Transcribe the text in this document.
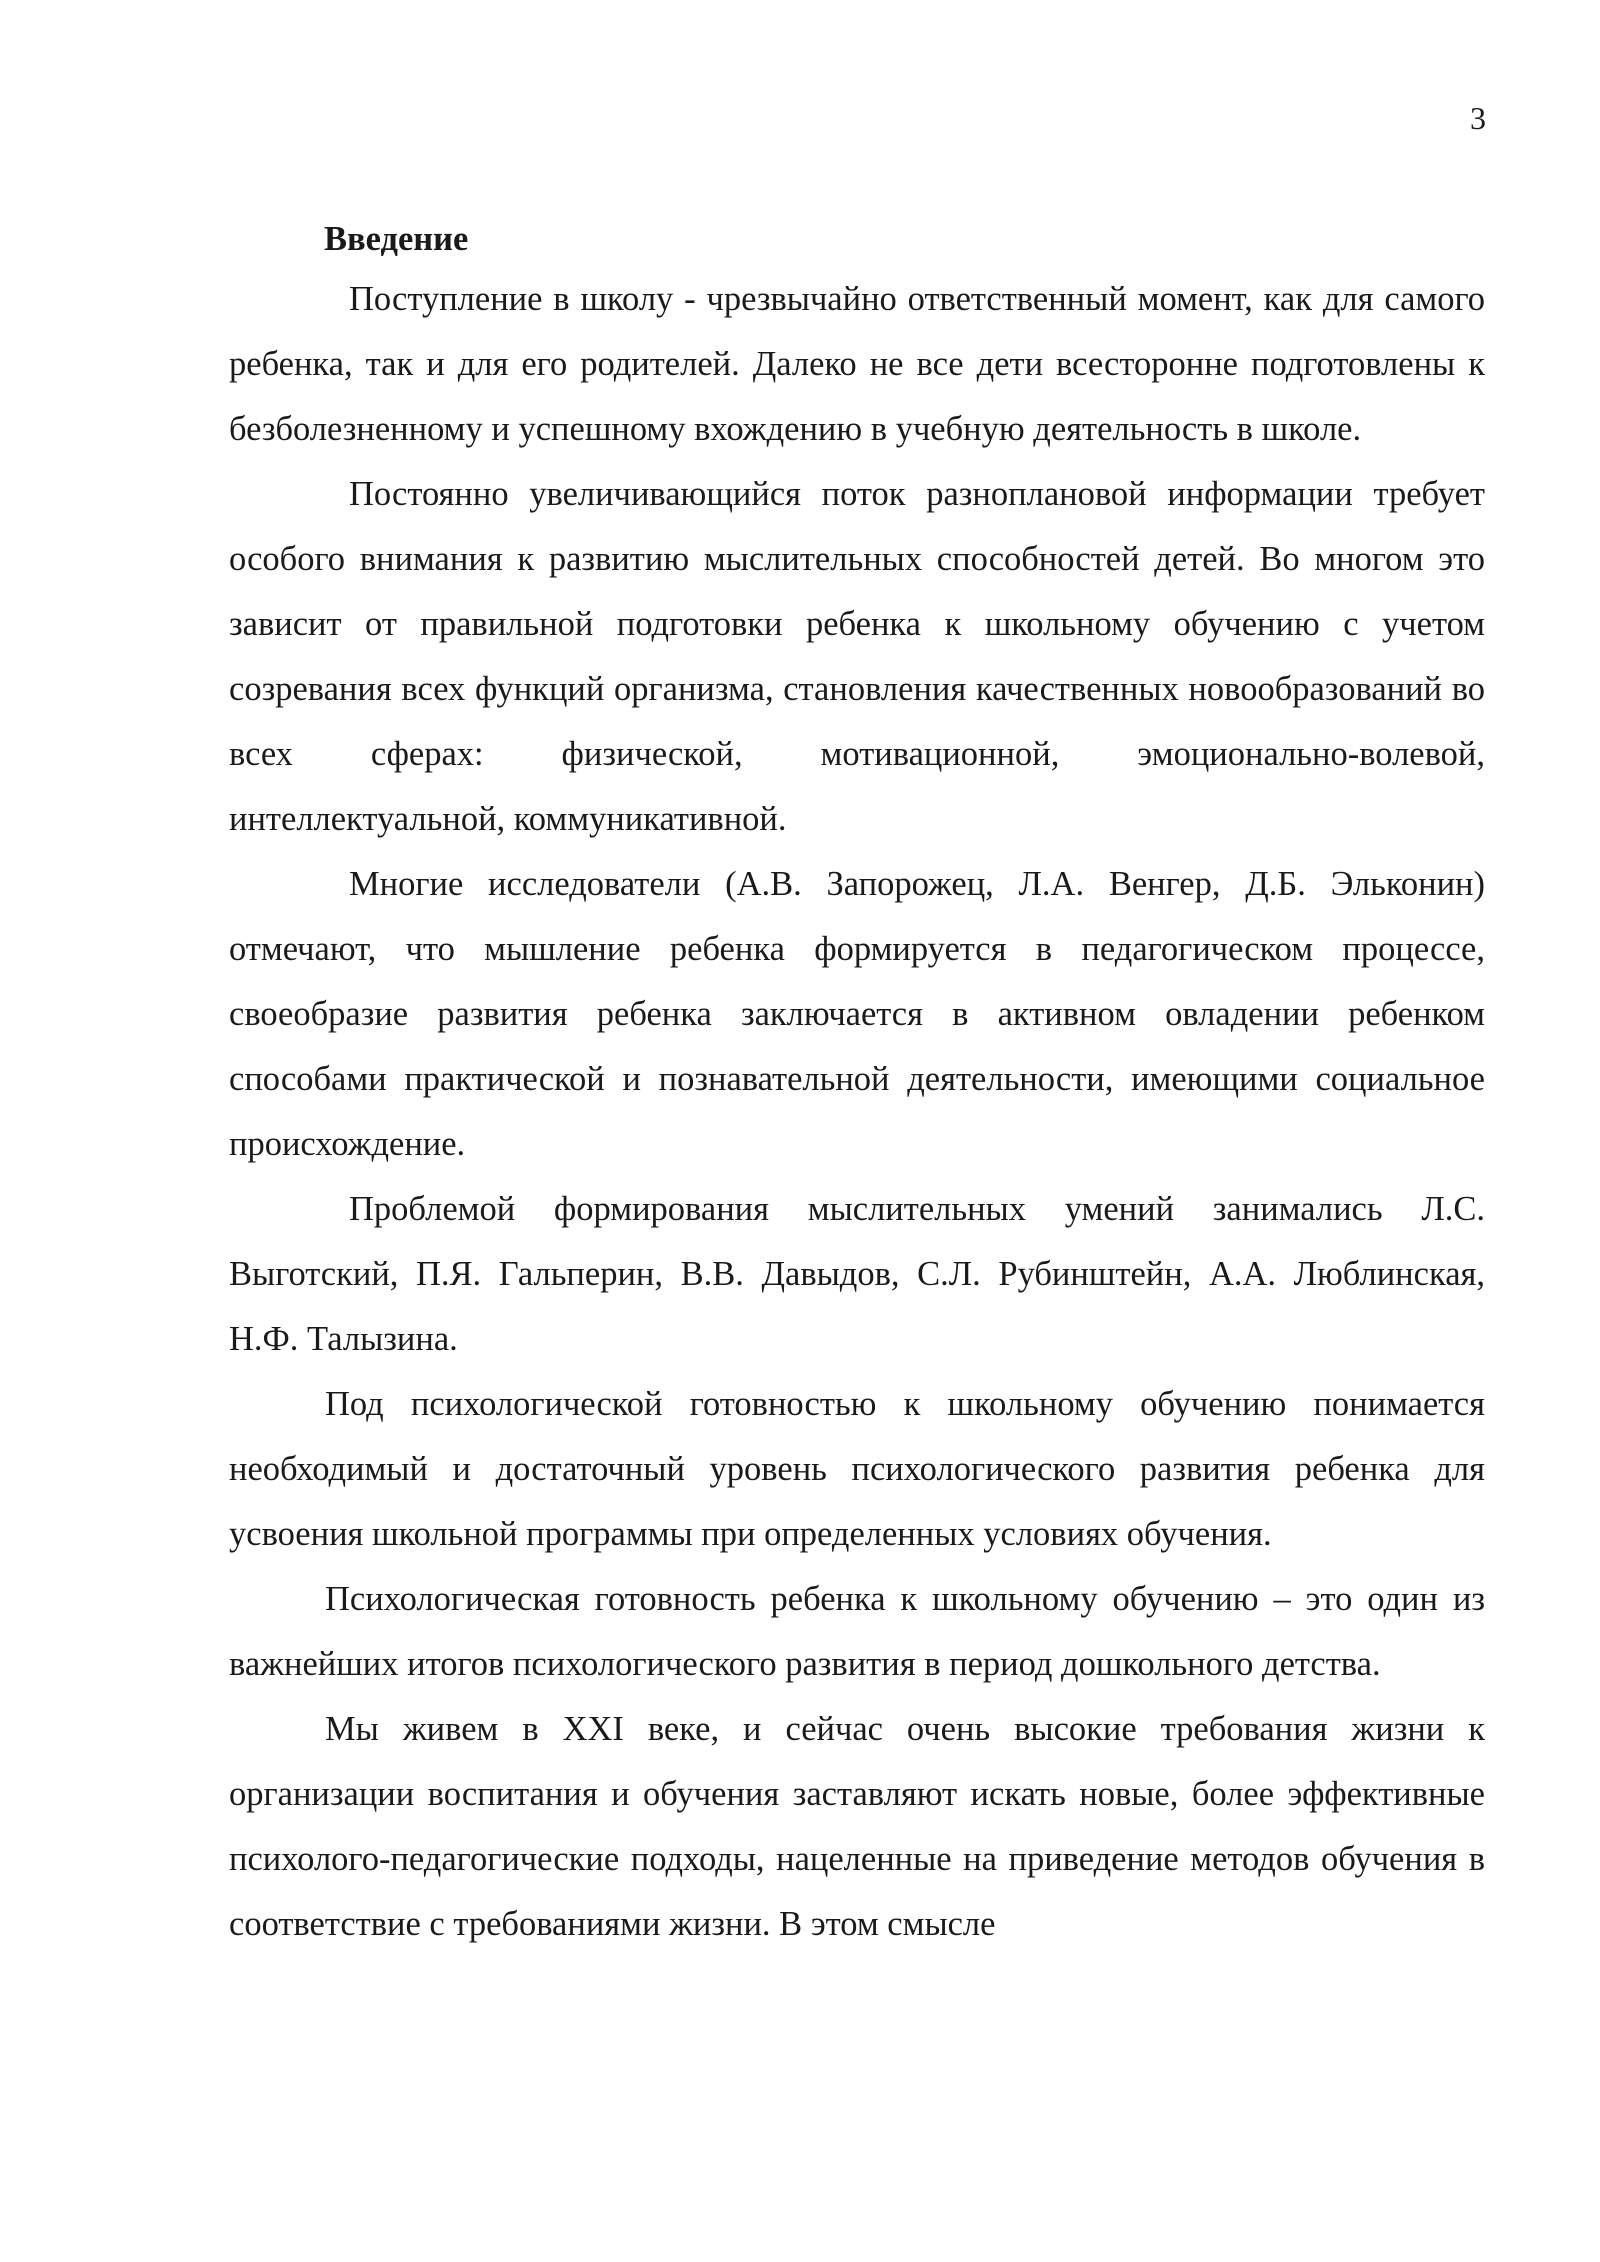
3
Введение

Поступление в школу - чрезвычайно ответственный момент, как для самого ребенка, так и для его родителей. Далеко не все дети всесторонне подготовлены к безболезненному и успешному вхождению в учебную деятельность в школе.

Постоянно увеличивающийся поток разноплановой информации требует особого внимания к развитию мыслительных способностей детей. Во многом это зависит от правильной подготовки ребенка к школьному обучению с учетом созревания всех функций организма, становления качественных новообразований во всех сферах: физической, мотивационной, эмоционально-волевой, интеллектуальной, коммуникативной.

Многие исследователи (А.В. Запорожец, Л.А. Венгер, Д.Б. Эльконин) отмечают, что мышление ребенка формируется в педагогическом процессе, своеобразие развития ребенка заключается в активном овладении ребенком способами практической и познавательной деятельности, имеющими социальное происхождение.

Проблемой формирования мыслительных умений занимались Л.С. Выготский, П.Я. Гальперин, В.В. Давыдов, С.Л. Рубинштейн, А.А. Люблинская, Н.Ф. Талызина.

Под психологической готовностью к школьному обучению понимается необходимый и достаточный уровень психологического развития ребенка для усвоения школьной программы при определенных условиях обучения.

Психологическая готовность ребенка к школьному обучению – это один из важнейших итогов психологического развития в период дошкольного детства.

Мы живем в XXI веке, и сейчас очень высокие требования жизни к организации воспитания и обучения заставляют искать новые, более эффективные психолого-педагогические подходы, нацеленные на приведение методов обучения в соответствие с требованиями жизни. В этом смысле
